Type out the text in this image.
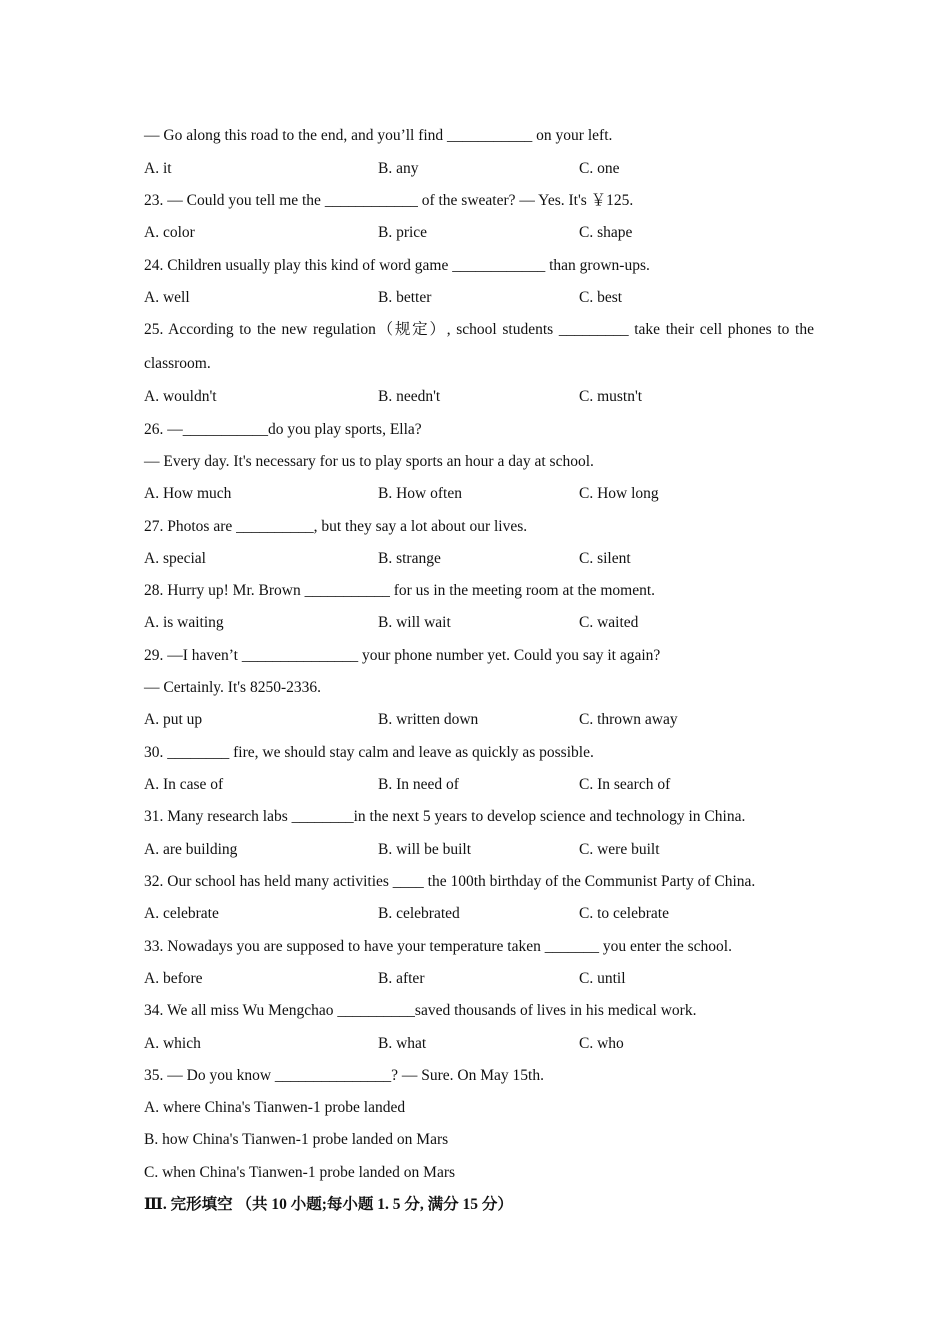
— Go along this road to the end, and you’ll find ___________ on your left.
A. it	B. any	C. one
23. — Could you tell me the ____________ of the sweater? — Yes. It's ￥125.
A. color	B. price	C. shape
24. Children usually play this kind of word game ____________ than grown-ups.
A. well	B. better	C. best
25. According to the new regulation（规定）, school students _________ take their cell phones to the classroom.
A. wouldn't	B. needn't	C. mustn't
26. —___________do you play sports, Ella?
— Every day. It's necessary for us to play sports an hour a day at school.
A. How much	B. How often	C. How long
27. Photos are __________, but they say a lot about our lives.
A. special	B. strange	C. silent
28. Hurry up! Mr. Brown ___________ for us in the meeting room at the moment.
A. is waiting	B. will wait	C. waited
29. —I haven’t _______________ your phone number yet. Could you say it again?
— Certainly. It's 8250-2336.
A. put up	B. written down	C. thrown away
30. ________ fire, we should stay calm and leave as quickly as possible.
A. In case of	B. In need of	C. In search of
31. Many research labs ________in the next 5 years to develop science and technology in China.
A. are building	B. will be built	C. were built
32. Our school has held many activities ____ the 100th birthday of the Communist Party of China.
A. celebrate	B. celebrated	C. to celebrate
33. Nowadays you are supposed to have your temperature taken _______ you enter the school.
A. before	B. after	C. until
34. We all miss Wu Mengchao __________saved thousands of lives in his medical work.
A. which	B. what	C. who
35. — Do you know _______________? — Sure. On May 15th.
A. where China's Tianwen-1 probe landed
B. how China's Tianwen-1 probe landed on Mars
C. when China's Tianwen-1 probe landed on Mars
Ⅲ. 完形填空 （共 10 小题;每小题 1. 5 分, 满分 15 分）
